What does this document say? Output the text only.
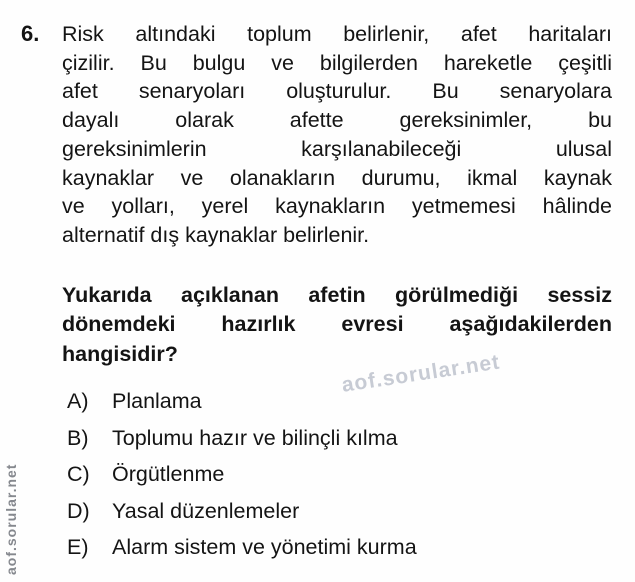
6.	Risk altındaki toplum belirlenir, afet haritaları
çizilir. Bu bulgu ve bilgilerden hareketle çeşitli
afet senaryoları oluşturulur. Bu senaryolara
dayalı olarak afette gereksinimler, bu
gereksinimlerin karşılanabileceği ulusal
kaynaklar ve olanakların durumu, ikmal kaynak
ve yolları, yerel kaynakların yetmemesi hâlinde
alternatif dış kaynaklar belirlenir.
Yukarıda açıklanan afetin görülmediği sessiz
dönemdeki hazırlık evresi aşağıdakilerden
hangisidir?
A)	Planlama
B)	Toplumu hazır ve bilinçli kılma
C)	Örgütlenme
D)	Yasal düzenlemeler
E)	Alarm sistem ve yönetimi kurma
aof.sorular.net
aof.sorular.net
